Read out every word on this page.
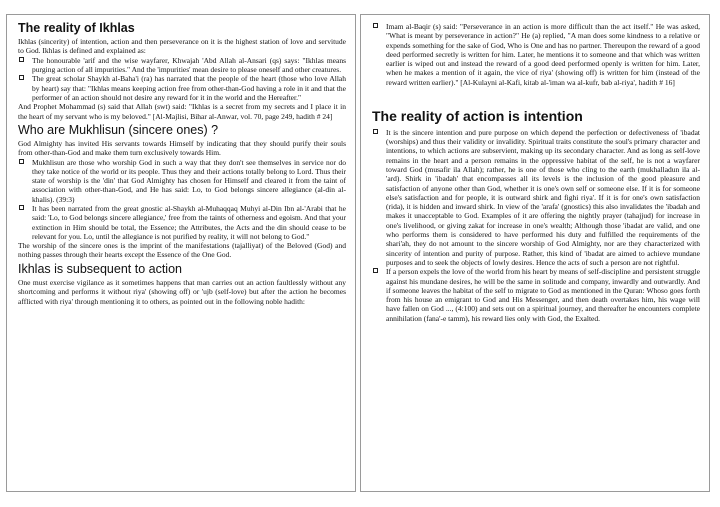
The reality of Ikhlas

Ikhlas (sincerity) of intention, action and then perseverance on it is the highest station of love and servitude to God. Ikhlas is defined and explained as:

The honourable 'arif and the wise wayfarer, Khwajah 'Abd Allah al-Ansari (qs) says: "Ikhlas means purging action of all impurities." And the 'impurities' mean desire to please oneself and other creatures.
The great scholar Shaykh al-Baha'i (ra) has narrated that the people of the heart (those who love Allah by heart) say that: "Ikhlas means keeping action free from other-than-God having a role in it and that the performer of an action should not desire any reward for it in the world and the Hereafter."

And Prophet Mohammad (s) said that Allah (swt) said: "Ikhlas is a secret from my secrets and I place it in the heart of my servant who is my beloved." [Al-Majlisi, Bihar al-Anwar, vol. 70, page 249, hadith # 24]

Who are Mukhlisun (sincere ones) ?

God Almighty has invited His servants towards Himself by indicating that they should purify their souls from other-than-God and make them turn exclusively towards Him.

Mukhlisun are those who worship God in such a way that they don't see themselves in service nor do they take notice of the world or its people. Thus they and their actions totally belong to Lord. Thus their state of worship is the 'din' that God Almighty has chosen for Himself and cleared it from the taint of association with other-than-God, and He has said: Lo, to God belongs sincere allegiance (al-din al-khalis). (39:3)
It has been narrated from the great gnostic al-Shaykh al-Muhaqqaq Muhyi al-Din Ibn al-'Arabi that he said: 'Lo, to God belongs sincere allegiance,' free from the taints of otherness and egoism. And that your extinction in Him should be total, the Essence; the Attributes, the Acts and the din should cease to be relevant for you. Lo, until the allegiance is not purified by reality, it will not belong to God."

The worship of the sincere ones is the imprint of the manifestations (tajalliyat) of the Beloved (God) and nothing passes through their hearts except the Essence of the One God.

Ikhlas is subsequent to action

One must exercise vigilance as it sometimes happens that man carries out an action faultlessly without any shortcoming and performs it without riya' (showing off) or 'ujb (self-love) but after the action he becomes afflicted with riya' through mentioning it to others, as pointed out in the following noble hadith:

Imam al-Baqir (s) said: "Perseverance in an action is more difficult than the act itself." He was asked, "What is meant by perseverance in action?" He (a) replied, "A man does some kindness to a relative or expends something for the sake of God, Who is One and has no partner. Thereupon the reward of a good deed performed secretly is written for him. Later, he mentions it to someone and that which was written earlier is wiped out and instead the reward of a good deed performed openly is written for him. Later, when he makes a mention of it again, the vice of riya' (showing off) is written for him (instead of the reward written earlier)." [Al-Kulayni al-Kafi, kitab al-'iman wa al-kufr, bab al-riya', hadith # 16]
The reality of action is intention
It is the sincere intention and pure purpose on which depend the perfection or defectiveness of 'ibadat (worships) and thus their validity or invalidity. Spiritual traits constitute the soul's primary character and intentions, to which actions are subservient, making up its secondary character. And as long as self-love remains in the heart and a person remains in the oppressive habitat of the self, he is not a wayfarer toward God (musafir ila Allah); rather, he is one of those who cling to the earth (mukhalladun ila al-'ard). Shirk in 'ibadah' that encompasses all its levels is the inclusion of the good pleasure and satisfaction of anyone other than God, whether it is one's own self or someone else. If it is for someone else's satisfaction and for people, it is outward shirk and fighi riya'. If it is for one's own satisfaction (rida), it is hidden and inward shirk. In view of the 'arafa' (gnostics) this also invalidates the 'ibadah and makes it unacceptable to God. Examples of it are offering the nightly prayer (tahajjud) for increase in one's livelihood, or giving zakat for increase in one's wealth; Although those 'ibadat are valid, and one who performs them is considered to have performed his duty and fulfilled the requirements of the shari'ah, they do not amount to the sincere worship of God Almighty, nor are they characterized with sincerity of intention and purity of purpose. Rather, this kind of 'ibadat are aimed to achieve mundane purposes and to seek the objects of lowly desires. Hence the acts of such a person are not rightful.
If a person expels the love of the world from his heart by means of self-discipline and persistent struggle against his mundane desires, he will be the same in solitude and company, inwardly and outwardly. And if someone leaves the habitat of the self to migrate to God as mentioned in the Quran: Whoso goes forth from his house an emigrant to God and His Messenger, and then death overtakes him, his wage will have fallen on God ..., (4:100) and sets out on a spiritual journey, and thereafter he encounters complete annihilation (fana'-e tamm), his reward lies only with God, the Exalted.
